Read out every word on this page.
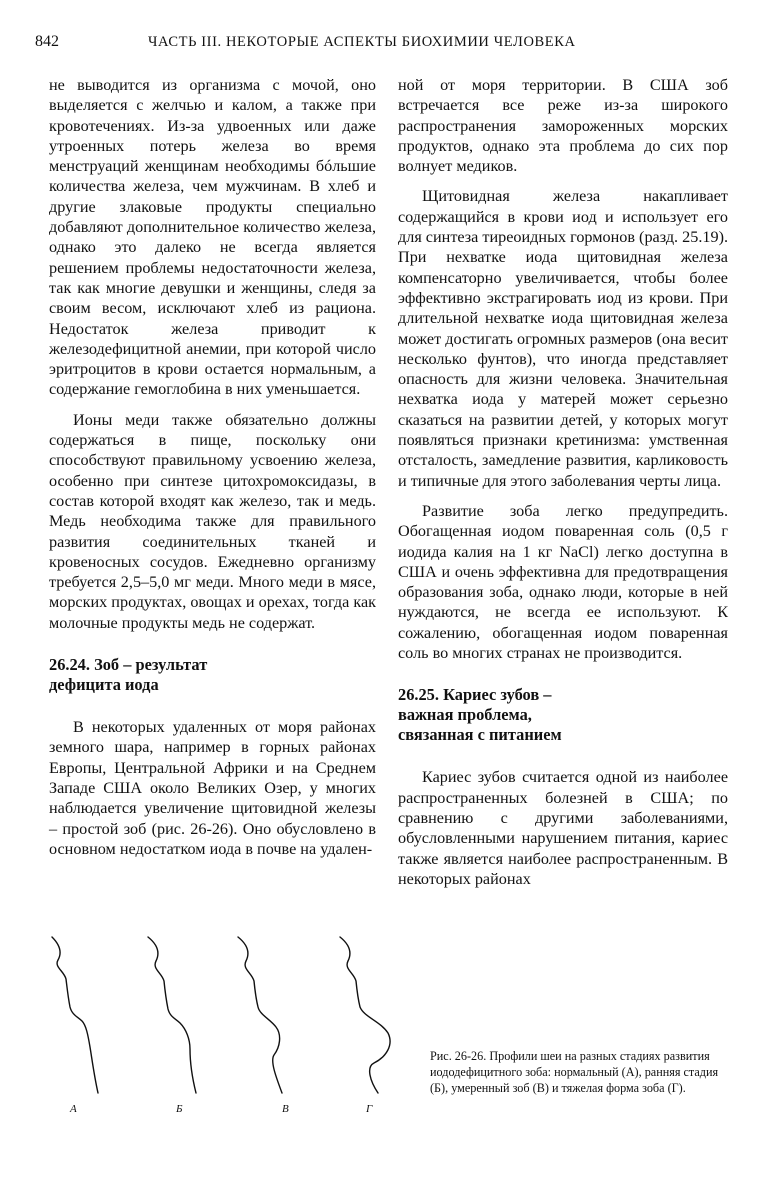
842	ЧАСТЬ III. НЕКОТОРЫЕ АСПЕКТЫ БИОХИМИИ ЧЕЛОВЕКА

не выводится из организма с мочой, оно выделяется с желчью и калом, а также при кровотечениях. Из-за удвоенных или даже утроенных потерь железа во время менструаций женщинам необходимы бóльшие количества железа, чем мужчинам. В хлеб и другие злаковые продукты специально добавляют дополнительное количество железа, однако это далеко не всегда является решением проблемы недостаточности железа, так как многие девушки и женщины, следя за своим весом, исключают хлеб из рациона. Недостаток железа приводит к железодефицитной анемии, при которой число эритроцитов в крови остается нормальным, а содержание гемоглобина в них уменьшается.

Ионы меди также обязательно должны содержаться в пище, поскольку они способствуют правильному усвоению железа, особенно при синтезе цитохромоксидазы, в состав которой входят как железо, так и медь. Медь необходима также для правильного развития соединительных тканей и кровеносных сосудов. Ежедневно организму требуется 2,5–5,0 мг меди. Много меди в мясе, морских продуктах, овощах и орехах, тогда как молочные продукты медь не содержат.

26.24. Зоб – результат
дефицита иода

В некоторых удаленных от моря районах земного шара, например в горных районах Европы, Центральной Африки и на Среднем Западе США около Великих Озер, у многих наблюдается увеличение щитовидной железы – простой зоб (рис. 26-26). Оно обусловлено в основном недостатком иода в почве на удален-

ной от моря территории. В США зоб встречается все реже из-за широкого распространения замороженных морских продуктов, однако эта проблема до сих пор волнует медиков.

Щитовидная железа накапливает содержащийся в крови иод и использует его для синтеза тиреоидных гормонов (разд. 25.19). При нехватке иода щитовидная железа компенсаторно увеличивается, чтобы более эффективно экстрагировать иод из крови. При длительной нехватке иода щитовидная железа может достигать огромных размеров (она весит несколько фунтов), что иногда представляет опасность для жизни человека. Значительная нехватка иода у матерей может серьезно сказаться на развитии детей, у которых могут появляться признаки кретинизма: умственная отсталость, замедление развития, карликовость и типичные для этого заболевания черты лица.

Развитие зоба легко предупредить. Обогащенная иодом поваренная соль (0,5 г иодида калия на 1 кг NaCl) легко доступна в США и очень эффективна для предотвращения образования зоба, однако люди, которые в ней нуждаются, не всегда ее используют. К сожалению, обогащенная иодом поваренная соль во многих странах не производится.

26.25. Кариес зубов –
важная проблема,
связанная с питанием

Кариес зубов считается одной из наиболее распространенных болезней в США; по сравнению с другими заболеваниями, обусловленными нарушением питания, кариес также является наиболее распространенным. В некоторых районах

А	Б	В	Г
Рис. 26-26. Профили шеи на разных стадиях развития иододефицитного зоба: нормальный (А), ранняя стадия (Б), умеренный зоб (В) и тяжелая форма зоба (Г).
